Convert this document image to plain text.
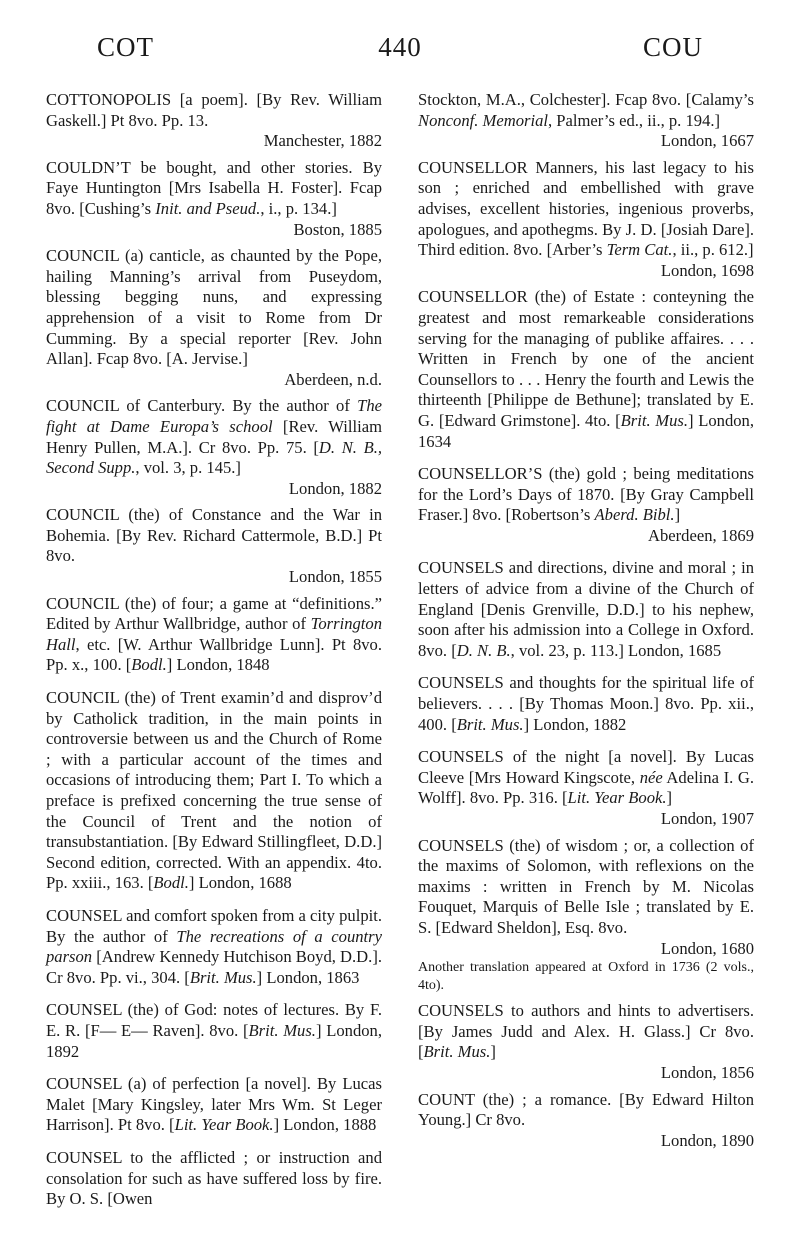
COT	440	COU
COTTONOPOLIS [a poem]. [By Rev. William Gaskell.] Pt 8vo. Pp. 13.
Manchester, 1882
COULDN’T be bought, and other stories. By Faye Huntington [Mrs Isabella H. Foster]. Fcap 8vo. [Cushing’s Init. and Pseud., i., p. 134.]
Boston, 1885
COUNCIL (a) canticle, as chaunted by the Pope, hailing Manning’s arrival from Puseydom, blessing begging nuns, and expressing apprehension of a visit to Rome from Dr Cumming. By a special reporter [Rev. John Allan]. Fcap 8vo. [A. Jervise.]
Aberdeen, n.d.
COUNCIL of Canterbury. By the author of The fight at Dame Europa’s school [Rev. William Henry Pullen, M.A.]. Cr 8vo. Pp. 75. [D. N. B., Second Supp., vol. 3, p. 145.]
London, 1882
COUNCIL (the) of Constance and the War in Bohemia. [By Rev. Richard Cattermole, B.D.] Pt 8vo.
London, 1855
COUNCIL (the) of four; a game at “definitions.” Edited by Arthur Wallbridge, author of Torrington Hall, etc. [W. Arthur Wallbridge Lunn]. Pt 8vo. Pp. x., 100. [Bodl.] London, 1848
COUNCIL (the) of Trent examin’d and disprov’d by Catholick tradition, in the main points in controversie between us and the Church of Rome ; with a particular account of the times and occasions of introducing them; Part I. To which a preface is prefixed concerning the true sense of the Council of Trent and the notion of transubstantiation. [By Edward Stillingfleet, D.D.] Second edition, corrected. With an appendix. 4to. Pp. xxiii., 163. [Bodl.] London, 1688
COUNSEL and comfort spoken from a city pulpit. By the author of The recreations of a country parson [Andrew Kennedy Hutchison Boyd, D.D.]. Cr 8vo. Pp. vi., 304. [Brit. Mus.] London, 1863
COUNSEL (the) of God: notes of lectures. By F. E. R. [F— E— Raven]. 8vo. [Brit. Mus.] London, 1892
COUNSEL (a) of perfection [a novel]. By Lucas Malet [Mary Kingsley, later Mrs Wm. St Leger Harrison]. Pt 8vo. [Lit. Year Book.] London, 1888
COUNSEL to the afflicted ; or instruction and consolation for such as have suffered loss by fire. By O. S. [Owen
Stockton, M.A., Colchester]. Fcap 8vo. [Calamy’s Nonconf. Memorial, Palmer’s ed., ii., p. 194.]
London, 1667
COUNSELLOR Manners, his last legacy to his son ; enriched and embellished with grave advises, excellent histories, ingenious proverbs, apologues, and apothegms. By J. D. [Josiah Dare]. Third edition. 8vo. [Arber’s Term Cat., ii., p. 612.]
London, 1698
COUNSELLOR (the) of Estate : conteyning the greatest and most remarkeable considerations serving for the managing of publike affaires. . . . Written in French by one of the ancient Counsellors to . . . Henry the fourth and Lewis the thirteenth [Philippe de Bethune]; translated by E. G. [Edward Grimstone]. 4to. [Brit. Mus.] London, 1634
COUNSELLOR’S (the) gold ; being meditations for the Lord’s Days of 1870. [By Gray Campbell Fraser.] 8vo. [Robertson’s Aberd. Bibl.]
Aberdeen, 1869
COUNSELS and directions, divine and moral ; in letters of advice from a divine of the Church of England [Denis Grenville, D.D.] to his nephew, soon after his admission into a College in Oxford. 8vo. [D. N. B., vol. 23, p. 113.] London, 1685
COUNSELS and thoughts for the spiritual life of believers. . . . [By Thomas Moon.] 8vo. Pp. xii., 400. [Brit. Mus.] London, 1882
COUNSELS of the night [a novel]. By Lucas Cleeve [Mrs Howard Kingscote, née Adelina I. G. Wolff]. 8vo. Pp. 316. [Lit. Year Book.]
London, 1907
COUNSELS (the) of wisdom ; or, a collection of the maxims of Solomon, with reflexions on the maxims : written in French by M. Nicolas Fouquet, Marquis of Belle Isle ; translated by E. S. [Edward Sheldon], Esq. 8vo.
London, 1680
Another translation appeared at Oxford in 1736 (2 vols., 4to).
COUNSELS to authors and hints to advertisers. [By James Judd and Alex. H. Glass.] Cr 8vo. [Brit. Mus.]
London, 1856
COUNT (the) ; a romance. [By Edward Hilton Young.] Cr 8vo.
London, 1890
